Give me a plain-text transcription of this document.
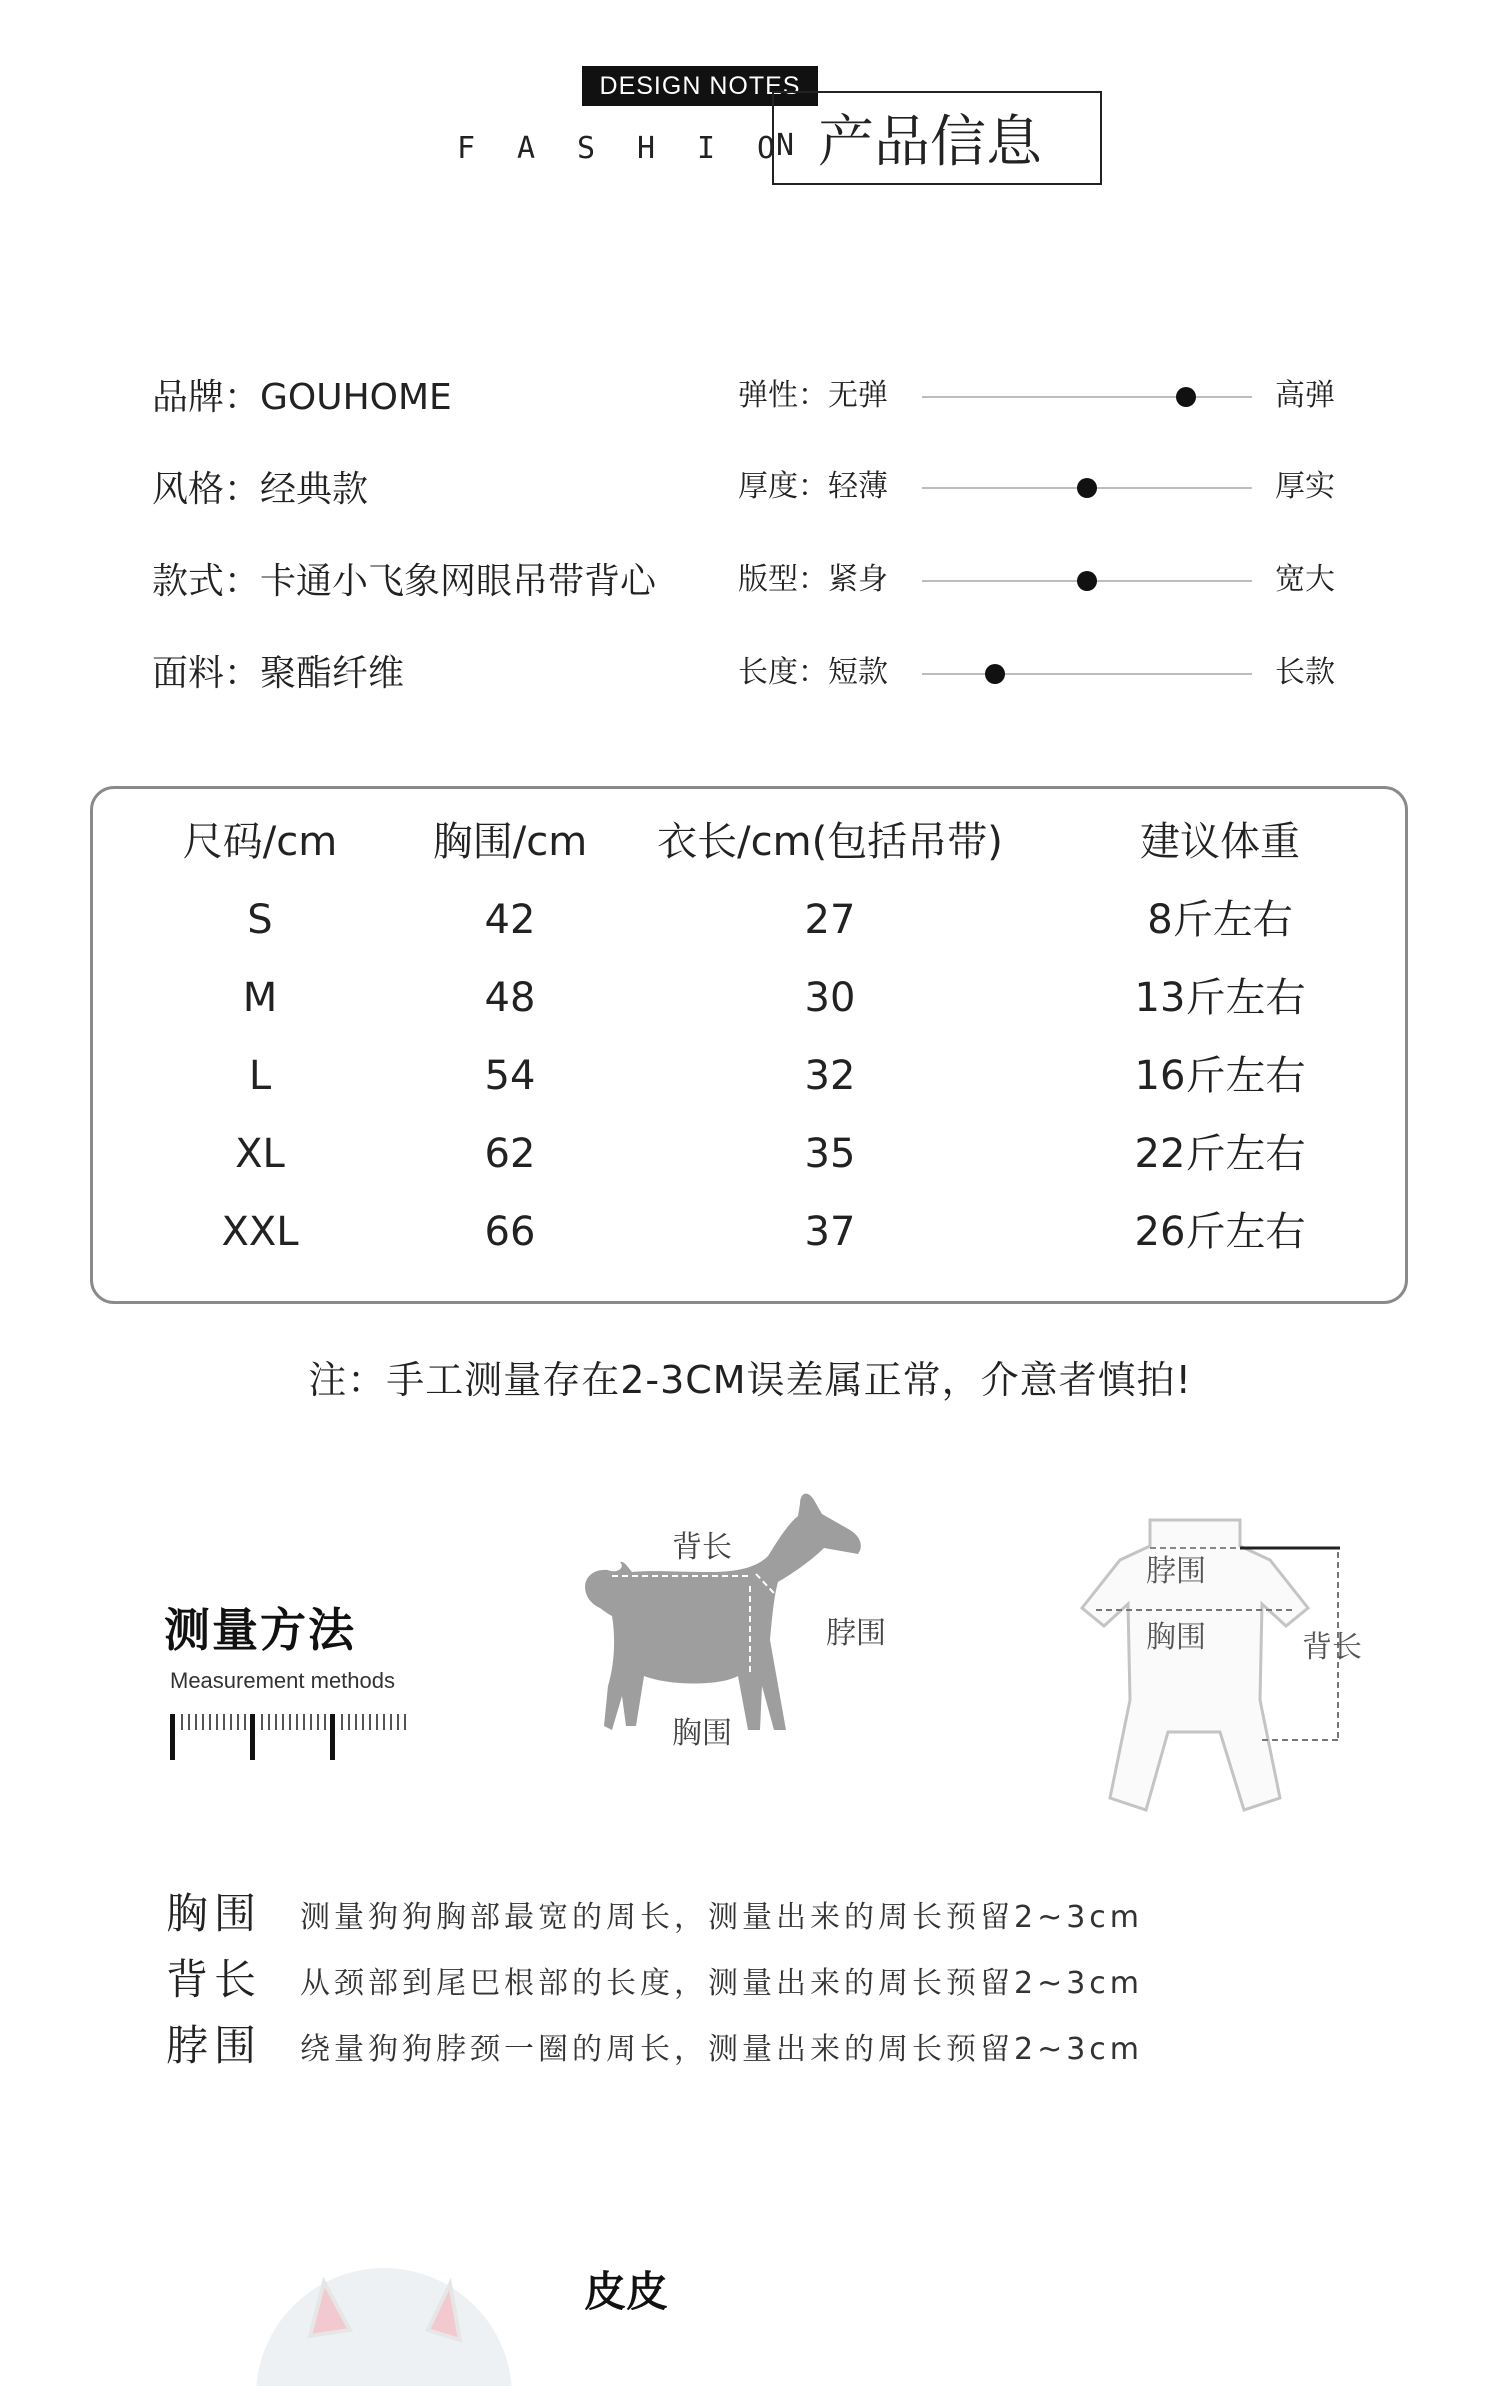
DESIGN NOTES
F	A	S	H	I	O N 产品信息
品牌：GOUHOME
风格：经典款
款式：卡通小飞象网眼吊带背心
面料：聚酯纤维
弹性：无弹	高弹
厚度：轻薄	厚实
版型：紧身	宽大
长度：短款	长款
尺码/cm	胸围/cm	衣长/cm(包括吊带)	建议体重
S	42	27	8斤左右
M	48	30	13斤左右
L	54	32	16斤左右
XL	62	35	22斤左右
XXL	66	37	26斤左右
注：手工测量存在2-3CM误差属正常，介意者慎拍!
测量方法
Measurement methods
背长
脖围
胸围
脖围
胸围	背长
胸围 测量狗狗胸部最宽的周长，测量出来的周长预留2~3cm
背长 从颈部到尾巴根部的长度，测量出来的周长预留2~3cm
脖围 绕量狗狗脖颈一圈的周长，测量出来的周长预留2~3cm
皮皮
